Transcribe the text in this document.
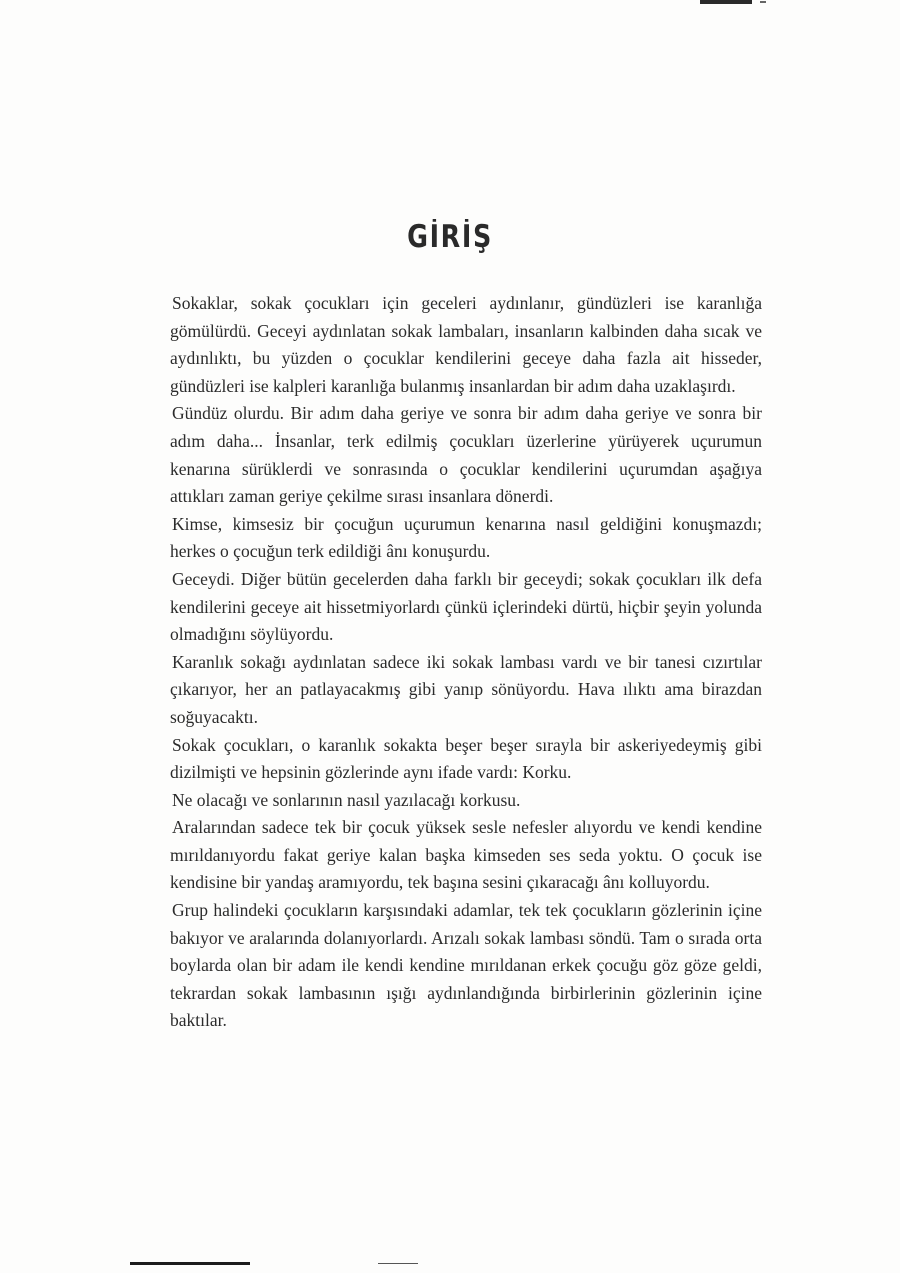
GİRİŞ

Sokaklar, sokak çocukları için geceleri aydınlanır, gündüzleri ise karanlığa gömülürdü. Geceyi aydınlatan sokak lambaları, insanların kalbinden daha sıcak ve aydınlıktı, bu yüzden o çocuklar kendilerini geceye daha fazla ait hisseder, gündüzleri ise kalpleri karanlığa bulanmış insanlardan bir adım daha uzaklaşırdı.

Gündüz olurdu. Bir adım daha geriye ve sonra bir adım daha geriye ve sonra bir adım daha... İnsanlar, terk edilmiş çocukları üzerlerine yürüyerek uçurumun kenarına sürüklerdi ve sonrasında o çocuklar kendilerini uçurumdan aşağıya attıkları zaman geriye çekilme sırası insanlara dönerdi.

Kimse, kimsesiz bir çocuğun uçurumun kenarına nasıl geldiğini konuşmazdı; herkes o çocuğun terk edildiği ânı konuşurdu.

Geceydi. Diğer bütün gecelerden daha farklı bir geceydi; sokak çocukları ilk defa kendilerini geceye ait hissetmiyorlardı çünkü içlerindeki dürtü, hiçbir şeyin yolunda olmadığını söylüyordu.

Karanlık sokağı aydınlatan sadece iki sokak lambası vardı ve bir tanesi cızırtılar çıkarıyor, her an patlayacakmış gibi yanıp sönüyordu. Hava ılıktı ama birazdan soğuyacaktı.

Sokak çocukları, o karanlık sokakta beşer beşer sırayla bir askeriyedeymiş gibi dizilmişti ve hepsinin gözlerinde aynı ifade vardı: Korku.

Ne olacağı ve sonlarının nasıl yazılacağı korkusu.

Aralarından sadece tek bir çocuk yüksek sesle nefesler alıyordu ve kendi kendine mırıldanıyordu fakat geriye kalan başka kimseden ses seda yoktu. O çocuk ise kendisine bir yandaş aramıyordu, tek başına sesini çıkaracağı ânı kolluyordu.

Grup halindeki çocukların karşısındaki adamlar, tek tek çocukların gözlerinin içine bakıyor ve aralarında dolanıyorlardı. Arızalı sokak lambası söndü. Tam o sırada orta boylarda olan bir adam ile kendi kendine mırıldanan erkek çocuğu göz göze geldi, tekrardan sokak lambasının ışığı aydınlandığında birbirlerinin gözlerinin içine baktılar.
